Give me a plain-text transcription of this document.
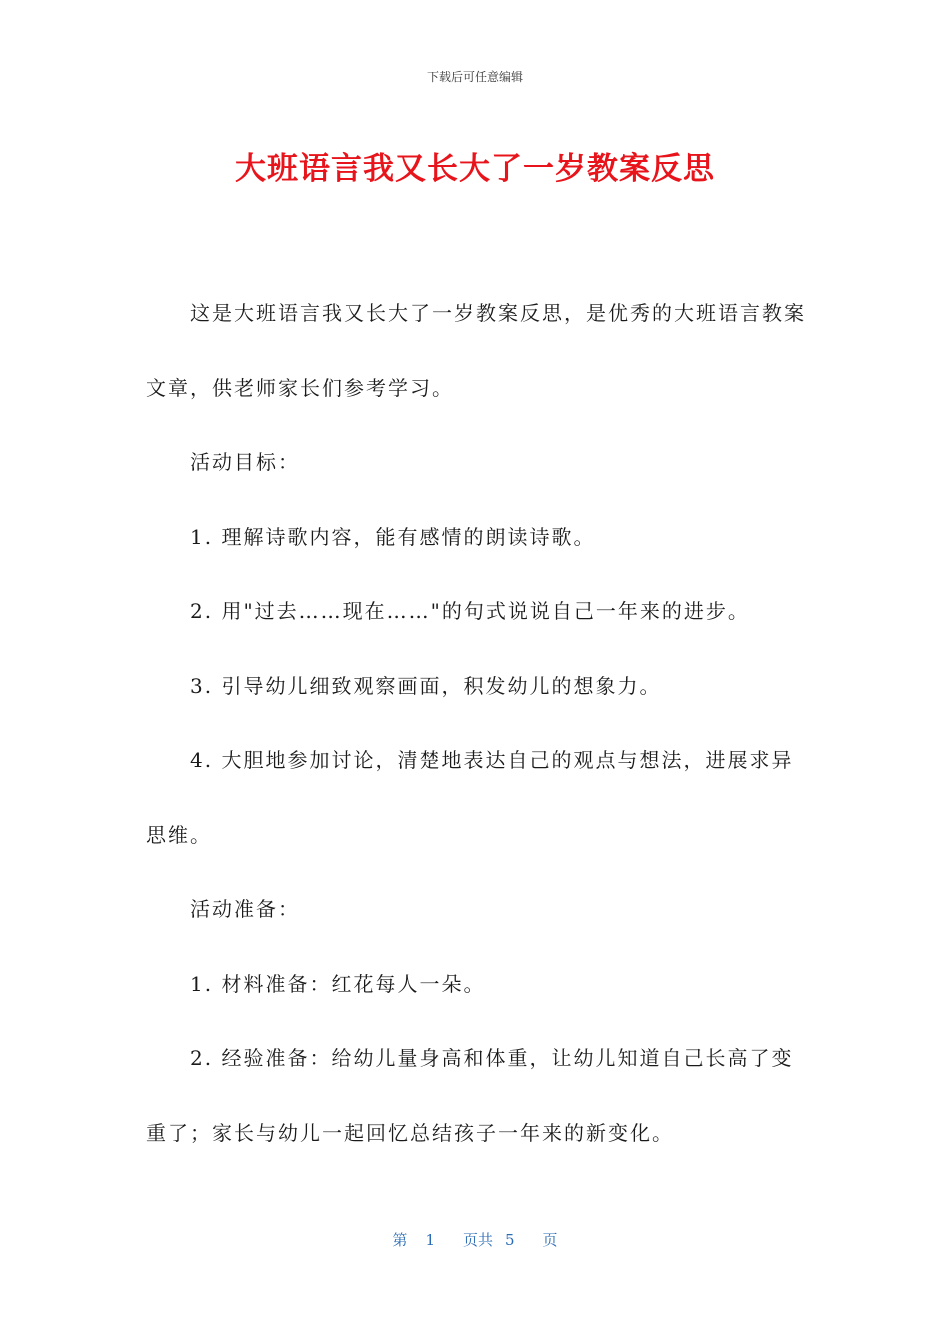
下载后可任意编辑
大班语言我又长大了一岁教案反思

这是大班语言我又长大了一岁教案反思，是优秀的大班语言教案文章，供老师家长们参考学习。

活动目标：

1. 理解诗歌内容，能有感情的朗读诗歌。

2. 用"过去……现在……"的句式说说自己一年来的进步。

3. 引导幼儿细致观察画面，积发幼儿的想象力。

4. 大胆地参加讨论，清楚地表达自己的观点与想法，进展求异思维。

活动准备：

1. 材料准备：红花每人一朵。

2. 经验准备：给幼儿量身高和体重，让幼儿知道自己长高了变重了；家长与幼儿一起回忆总结孩子一年来的新变化。

第 1 页共 5 页
